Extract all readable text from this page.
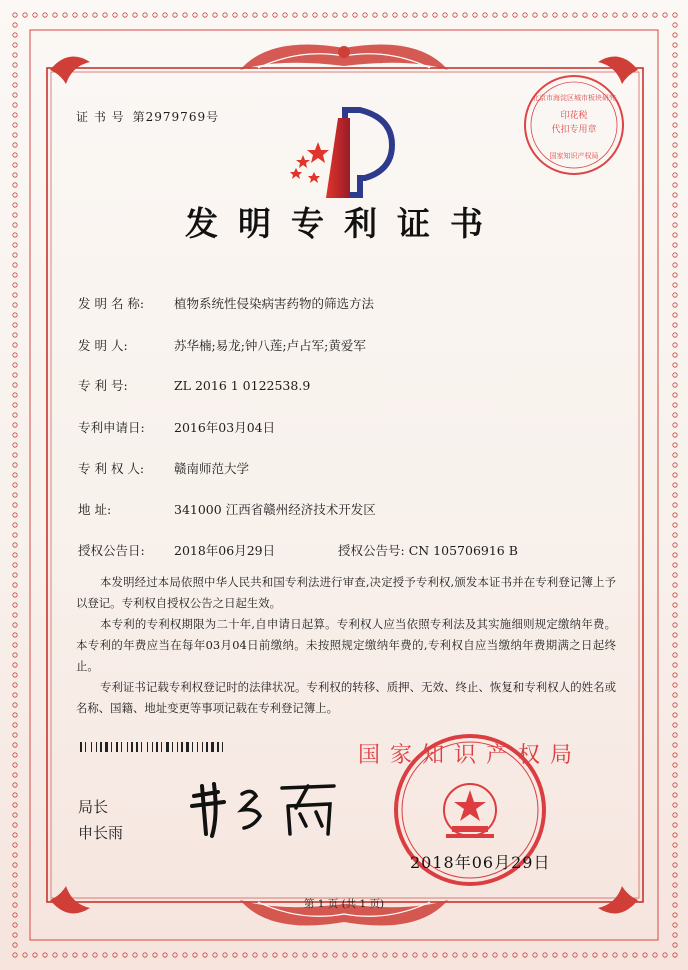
北京市海淀区城市板块研究
印花税
代扣专用章
国家知识产权局
国家知识产权局
证 书 号 第2979769号
发明专利证书
发 明 名 称: 植物系统性侵染病害药物的筛选方法
发 明 人:	苏华楠;易龙;钟八莲;卢占军;黄爱军
专 利 号:	ZL 2016 1 0122538.9
专利申请日: 2016年03月04日
专 利 权 人: 赣南师范大学
地 址:	341000 江西省赣州经济技术开发区
授权公告日: 2018年06月29日	授权公告号: CN 105706916 B

本发明经过本局依照中华人民共和国专利法进行审查,决定授予专利权,颁发本证书并在专利登记簿上予以登记。专利权自授权公告之日起生效。

本专利的专利权期限为二十年,自申请日起算。专利权人应当依照专利法及其实施细则规定缴纳年费。本专利的年费应当在每年03月04日前缴纳。未按照规定缴纳年费的,专利权自应当缴纳年费期满之日起终止。

专利证书记载专利权登记时的法律状况。专利权的转移、质押、无效、终止、恢复和专利权人的姓名或名称、国籍、地址变更等事项记载在专利登记簿上。

局长
申长雨
2018年06月29日
第 1 页 (共 1 页)
